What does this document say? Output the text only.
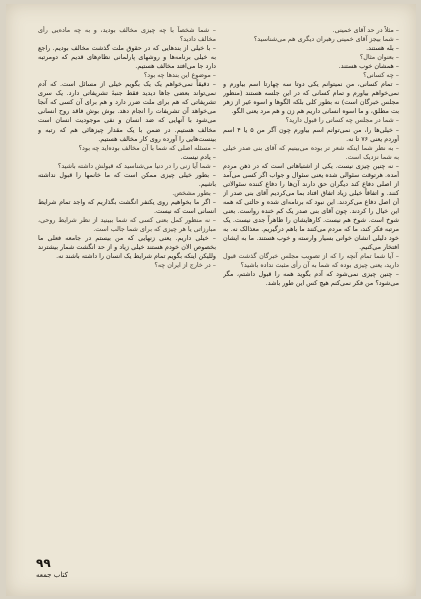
– مثلاً در حد آقای خمینی.

– شما بیجز آقای خمینی رهبران دیگری هم می‌شناسید؟

– بله هستند.

– بعنوان مثال؟

– همشان خوب هستند.

– چه کسانی؟

– تمام کسانی، من نمیتوانم یکی دوتا سه چهارتا اسم بیاورم و نمی‌خواهم بیاورم و تمام کسانی که در این جلسه هستند (منظور مجلس خبرگان است) نه بطور کلی بلکه الگوها و اسوه غیر از زهر بت مطلق، و ما اسوه انسانی داریم هم زن و هم مرد یعنی الگو.

– شما در مجلس چه کسانی را قبول دارید؟

– خیلی‌ها را، من نمی‌توانم اسم بیاورم چون آگر من ۵ یا ۴ اسم آوردم یعنی ۷۶ تا نه.

– به نظر شما اینکه شعر تر بوده می‌بینیم که آقای بنی صدر خیلی به شما نزدیک است.

– نه چنین چیزی نیست. یکی از اشتباهاتی است که در ذهن مردم آمده. هرتوقت سئوالی شده یعنی سئوال و جواب اگر کسی می‌آمد از اصلی دفاع کند دیگران حق دارند آن‌ها را دفاع کننده سئوالاتی کنند. و اتفاقاً خیلی زیاد اتفاق افتاد بما می‌کردیم آقای بنی صدر از آن اصل دفاع می‌کردند. این نبود که برنامه‌ای شده و حالتی که همه این خیال را کردند. چون آقای بنی صدر یک کم خنده رواست. بعنی شوخ است. شوخ هم نیست. کارهایشان را ظاهراً جدی نیست. یک مرتبه فکر کند، ما که مردم می‌کنند ما باهم درگیریم. معذالک نه. به خود دلیلی انشان خوانی بسیار وارسته و خوب هستند. ما به ایشان افتخار می‌کنیم.

– آیا شما تمام آنچه را که از تصویب مجلس خبرگان گذشت قبول دارید، یعنی چیزی بوده که شما به آن رأی مثبت نداده باشید؟

– چنین چیزی نمی‌شود که آدم بگوید همه را قبول داشتم، مگر می‌شود؟ من فکر نمی‌کنم هیچ کس این طور باشد.

– شما شخصاً با چه چیزی مخالف بودید، و به چه ماده‌یی رأی مخالف دادید؟

– با خیلی از بندهایی که در حقوق ملت گذشت مخالف بودیم. راجع به خیلی برنامه‌ها و روشهای پارلمانی نظام‌های قدیم که دومرتبه دارد جا می‌افتد مخالف هستیم.

– موضوع این بندها چه بود؟

– دقیقاً نمی‌خواهم یک یک بگویم خیلی از مسائل است. که آدم نمی‌تواند بعضی جاها دیدید فقط جنبهٔ تشریفاتی دارد. یک سری تشریفاتی که هم برای ملت ضرر دارد و هم برای آن کسی که آنجا می‌خواهد آن تشریفات را انجام دهد. بوش بوش فاقد روح انسانی می‌شود با آنهایی که ضد انسان و نفی موجودیت انسان است مخالف هستیم. در ضمن با یک مقدار چیزهائی هم که رتبه و بینست‌هایی را آورده روی کار مخالف هستیم.

– مسئله اصلی که شما با آن مخالف بوده‌اید چه بود؟

– یادم نیست.

– شما آیا زنی را در دنیا می‌شناسید که قبولش داشته باشید؟

– بطور خیلی چیزی ممکن است که ما خانمها را قبول نداشته باشیم.

– بطور مشخص.

– اگر ما بخواهیم روی یکنفر انگشت بگذاریم که واجد تمام شرایط انسانی است که نیست.

– نه منظور کمل بعنی کسی که شما ببینید از نظر شرایط روحی، مبارزاتی یا هر چیزی که برای شما جالب است.

– خیلی داریم. یعنی زنهایی که من بیستم در جامعه فعلی ما بخصوص الان خودم هستند خیلی زیاد و از حد انگشت شمار بیشترند وللیکن اینکه بگویم تمام شرایط یک انسان را داشته باشند نه.

– در خارج از ایران چه؟

۹۹
کتاب جمعه
